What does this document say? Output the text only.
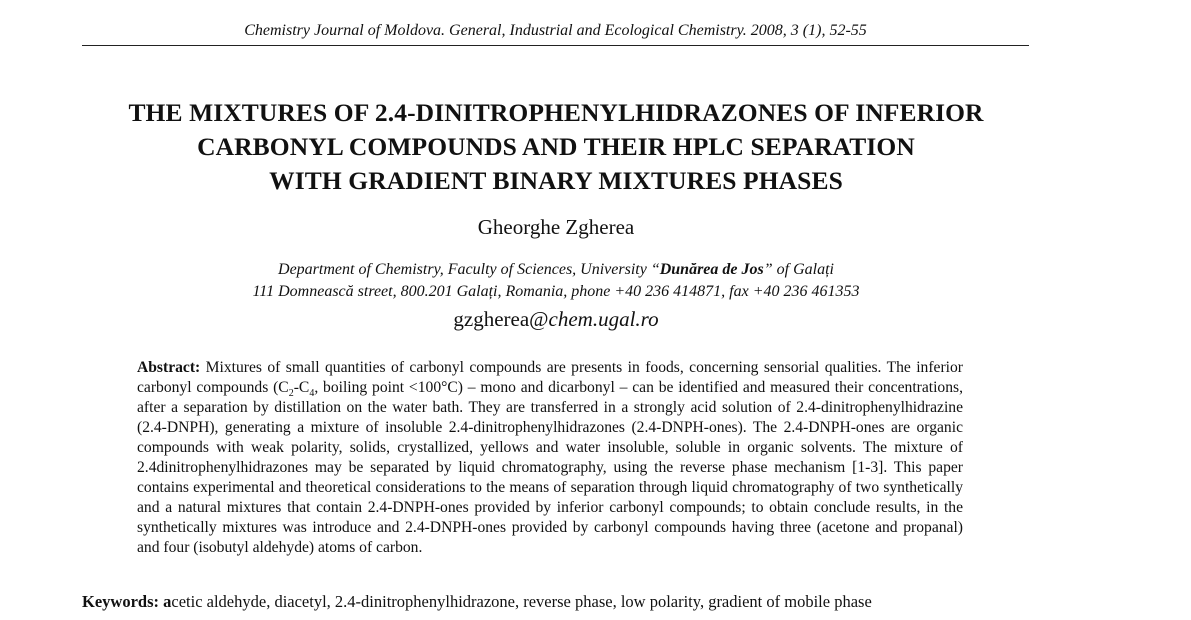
Chemistry Journal of Moldova. General, Industrial and Ecological Chemistry. 2008, 3 (1), 52-55
THE MIXTURES OF 2.4-DINITROPHENYLHIDRAZONES OF INFERIOR
CARBONYL COMPOUNDS AND THEIR HPLC SEPARATION
WITH GRADIENT BINARY MIXTURES PHASES
Gheorghe Zgherea
Department of Chemistry, Faculty of Sciences, University “Dunărea de Jos” of Galați
111 Domnească street, 800.201 Galați, Romania, phone +40 236 414871, fax +40 236 461353
gzgherea@chem.ugal.ro
Abstract: Mixtures of small quantities of carbonyl compounds are presents in foods, concerning sensorial qualities. The inferior carbonyl compounds ($C_2-C_4$, boiling point <100°C) – mono and dicarbonyl – can be identified and measured their concentrations, after a separation by distillation on the water bath. They are transferred in a strongly acid solution of 2.4-dinitrophenylhidrazine (2.4-DNPH), generating a mixture of insoluble 2.4-dinitrophenylhidrazones (2.4-DNPH-ones). The 2.4-DNPH-ones are organic compounds with weak polarity, solids, crystallized, yellows and water insoluble, soluble in organic solvents. The mixture of 2.4dinitrophenylhidrazones may be separated by liquid chromatography, using the reverse phase mechanism [1-3]. This paper contains experimental and theoretical considerations to the means of separation through liquid chromatography of two synthetically and a natural mixtures that contain 2.4-DNPH-ones provided by inferior carbonyl compounds; to obtain conclude results, in the synthetically mixtures was introduce and 2.4-DNPH-ones provided by carbonyl compounds having three (acetone and propanal) and four (isobutyl aldehyde) atoms of carbon.
Keywords: acetic aldehyde, diacetyl, 2.4-dinitrophenylhidrazone, reverse phase, low polarity, gradient of mobile phase
